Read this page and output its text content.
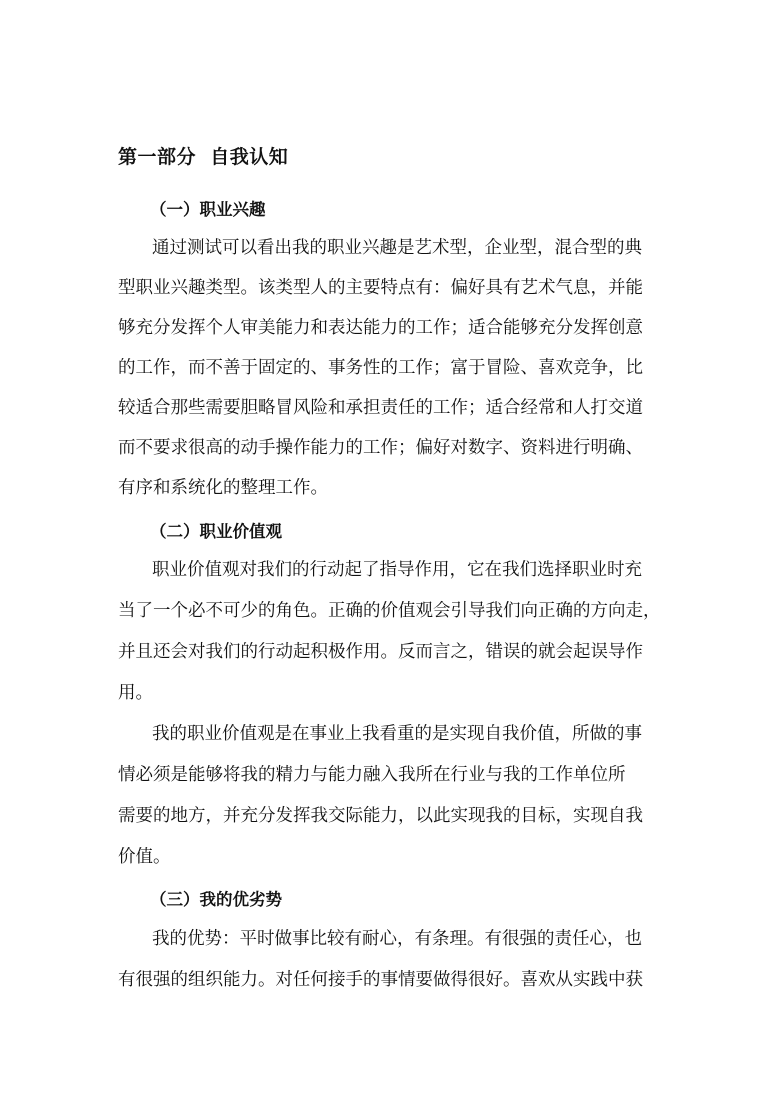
第一部分  自我认知
（一）职业兴趣
通过测试可以看出我的职业兴趣是艺术型，企业型，混合型的典
型职业兴趣类型。该类型人的主要特点有：偏好具有艺术气息，并能
够充分发挥个人审美能力和表达能力的工作；适合能够充分发挥创意
的工作，而不善于固定的、事务性的工作；富于冒险、喜欢竞争，比
较适合那些需要胆略冒风险和承担责任的工作；适合经常和人打交道
而不要求很高的动手操作能力的工作；偏好对数字、资料进行明确、
有序和系统化的整理工作。
（二）职业价值观
职业价值观对我们的行动起了指导作用，它在我们选择职业时充
当了一个必不可少的角色。正确的价值观会引导我们向正确的方向走，
并且还会对我们的行动起积极作用。反而言之，错误的就会起误导作
用。
我的职业价值观是在事业上我看重的是实现自我价值，所做的事
情必须是能够将我的精力与能力融入我所在行业与我的工作单位所
需要的地方，并充分发挥我交际能力，以此实现我的目标，实现自我
价值。
（三）我的优劣势
我的优势：平时做事比较有耐心，有条理。有很强的责任心，也
有很强的组织能力。对任何接手的事情要做得很好。喜欢从实践中获
